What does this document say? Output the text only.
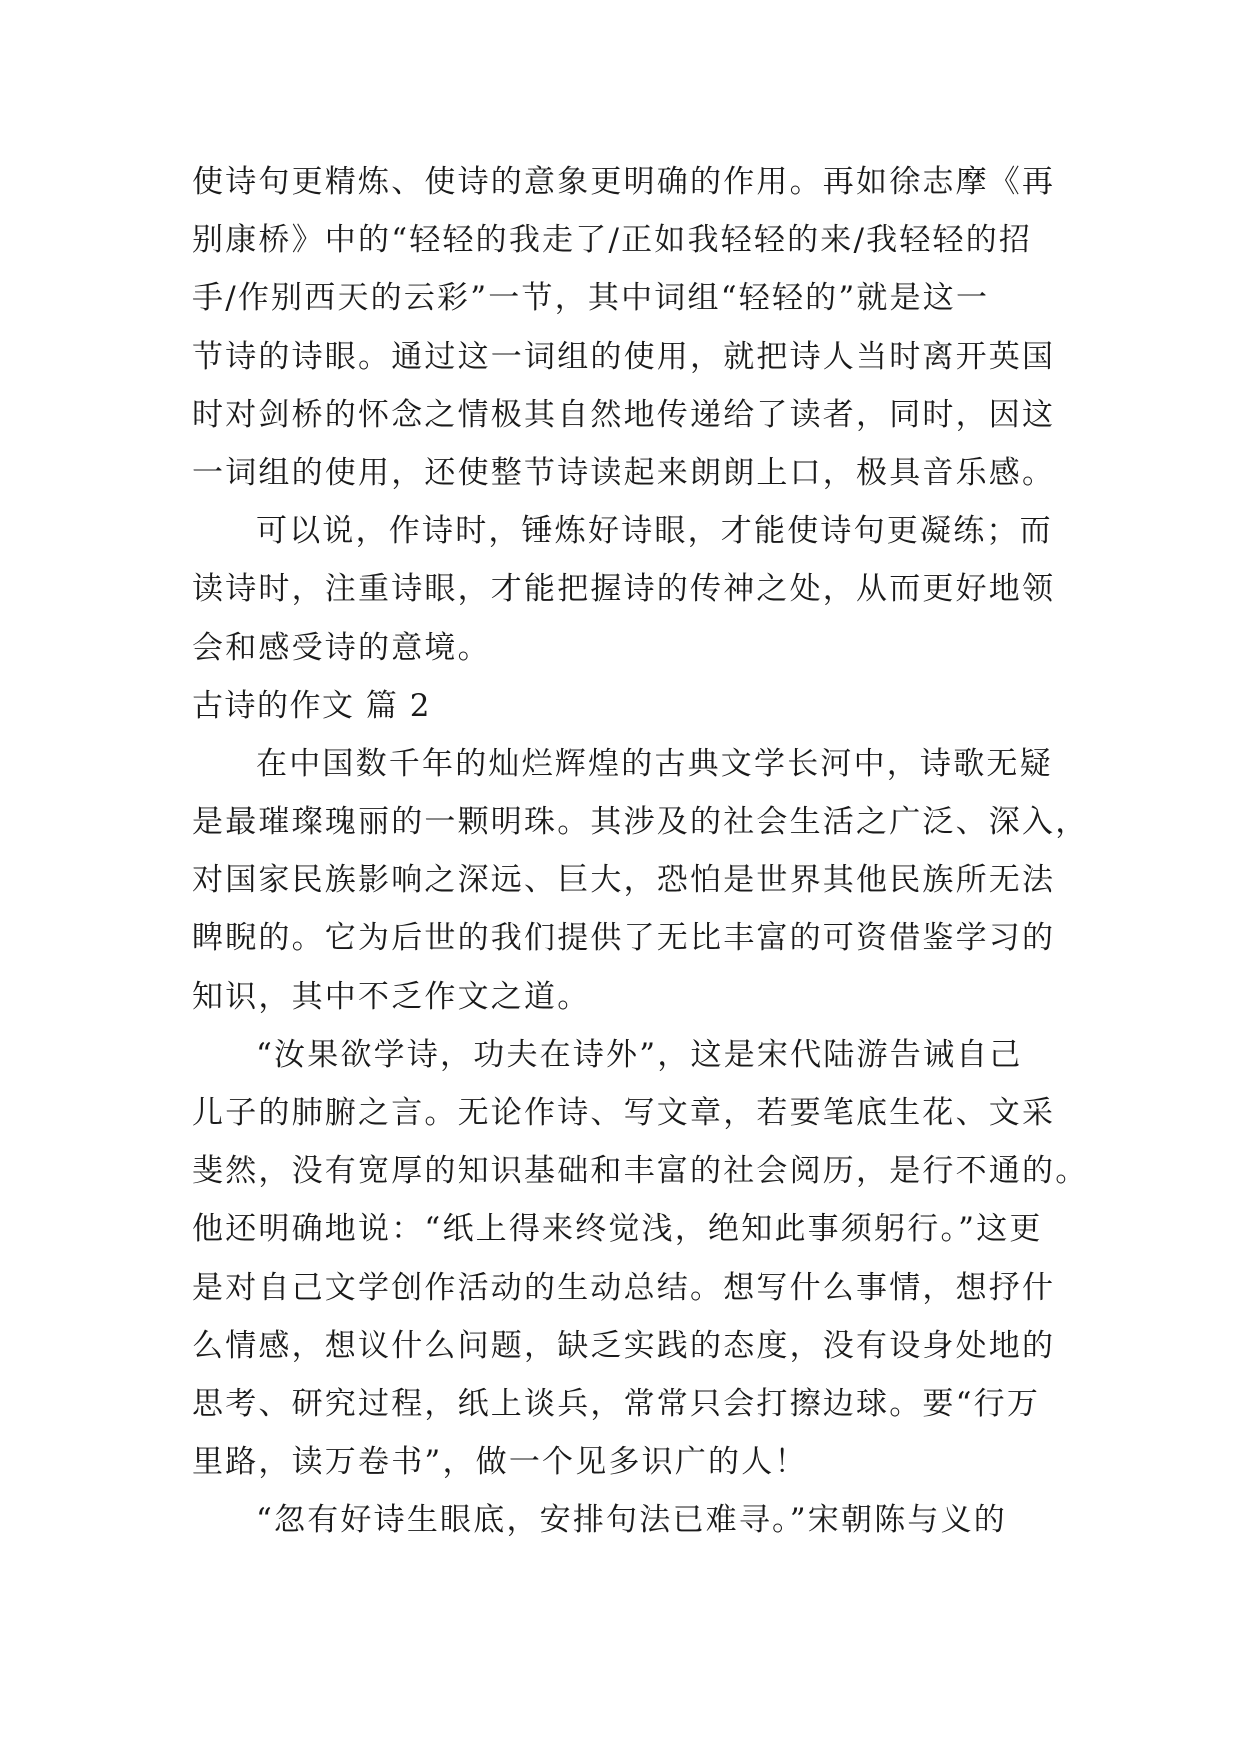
使诗句更精炼、使诗的意象更明确的作用。再如徐志摩《再
别康桥》中的“轻轻的我走了/正如我轻轻的来/我轻轻的招
手/作别西天的云彩”一节，其中词组“轻轻的”就是这一
节诗的诗眼。通过这一词组的使用，就把诗人当时离开英国
时对剑桥的怀念之情极其自然地传递给了读者，同时，因这
一词组的使用，还使整节诗读起来朗朗上口，极具音乐感。
可以说，作诗时，锤炼好诗眼，才能使诗句更凝练；而
读诗时，注重诗眼，才能把握诗的传神之处，从而更好地领
会和感受诗的意境。
古诗的作文 篇 2
在中国数千年的灿烂辉煌的古典文学长河中，诗歌无疑
是最璀璨瑰丽的一颗明珠。其涉及的社会生活之广泛、深入，
对国家民族影响之深远、巨大，恐怕是世界其他民族所无法
睥睨的。它为后世的我们提供了无比丰富的可资借鉴学习的
知识，其中不乏作文之道。
“汝果欲学诗，功夫在诗外”，这是宋代陆游告诫自己
儿子的肺腑之言。无论作诗、写文章，若要笔底生花、文采
斐然，没有宽厚的知识基础和丰富的社会阅历，是行不通的。
他还明确地说：“纸上得来终觉浅，绝知此事须躬行。”这更
是对自己文学创作活动的生动总结。想写什么事情，想抒什
么情感，想议什么问题，缺乏实践的态度，没有设身处地的
思考、研究过程，纸上谈兵，常常只会打擦边球。要“行万
里路，读万卷书”，做一个见多识广的人！
“忽有好诗生眼底，安排句法已难寻。”宋朝陈与义的
